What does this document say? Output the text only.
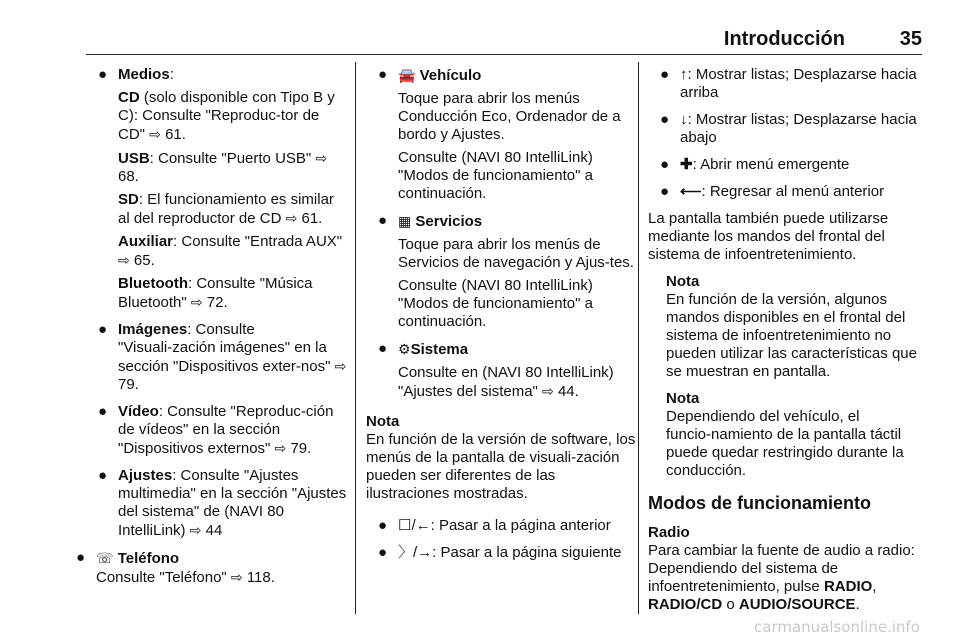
Introducción	35
● Medios:
CD (solo disponible con Tipo B y C): Consulte "Reproduc‑tor de CD" ⇨ 61.
USB: Consulte "Puerto USB" ⇨ 68.
SD: El funcionamiento es similar al del reproductor de CD ⇨ 61.
Auxiliar: Consulte "Entrada AUX" ⇨ 65.
Bluetooth: Consulte "Música Bluetooth" ⇨ 72.
● Imágenes: Consulte "Visuali‑zación imágenes" en la sección "Dispositivos exter‑nos" ⇨ 79.
● Vídeo: Consulte "Reproduc‑ción de vídeos" en la sección "Dispositivos externos" ⇨ 79.
● Ajustes: Consulte "Ajustes multimedia" en la sección "Ajustes del sistema" de (NAVI 80 IntelliLink) ⇨ 44
● ☏ Teléfono
Consulte "Teléfono" ⇨ 118.
● 🚘 Vehículo
Toque para abrir los menús Conducción Eco, Ordenador de a bordo y Ajustes.
Consulte (NAVI 80 IntelliLink) "Modos de funcionamiento" a continuación.
● ▦ Servicios
Toque para abrir los menús de Servicios de navegación y Ajus‑tes.
Consulte (NAVI 80 IntelliLink) "Modos de funcionamiento" a continuación.
● ⚙Sistema
Consulte en (NAVI 80 IntelliLink) "Ajustes del sistema" ⇨ 44.
Nota
En función de la versión de software, los menús de la pantalla de visuali‑zación pueden ser diferentes de las ilustraciones mostradas.
● ☐/←: Pasar a la página anterior
● 〉/→: Pasar a la página siguiente
● ↑: Mostrar listas; Desplazarse hacia arriba
● ↓: Mostrar listas; Desplazarse hacia abajo
● ✚: Abrir menú emergente
● ⟵: Regresar al menú anterior
La pantalla también puede utilizarse mediante los mandos del frontal del sistema de infoentretenimiento.
Nota
En función de la versión, algunos mandos disponibles en el frontal del sistema de infoentretenimiento no pueden utilizar las características que se muestran en pantalla.
Nota
Dependiendo del vehículo, el funcio‑namiento de la pantalla táctil puede quedar restringido durante la conducción.
Modos de funcionamiento
Radio
Para cambiar la fuente de audio a radio: Dependiendo del sistema de infoentretenimiento, pulse RADIO, RADIO/CD o AUDIO/SOURCE.
carmanualsonline.info
